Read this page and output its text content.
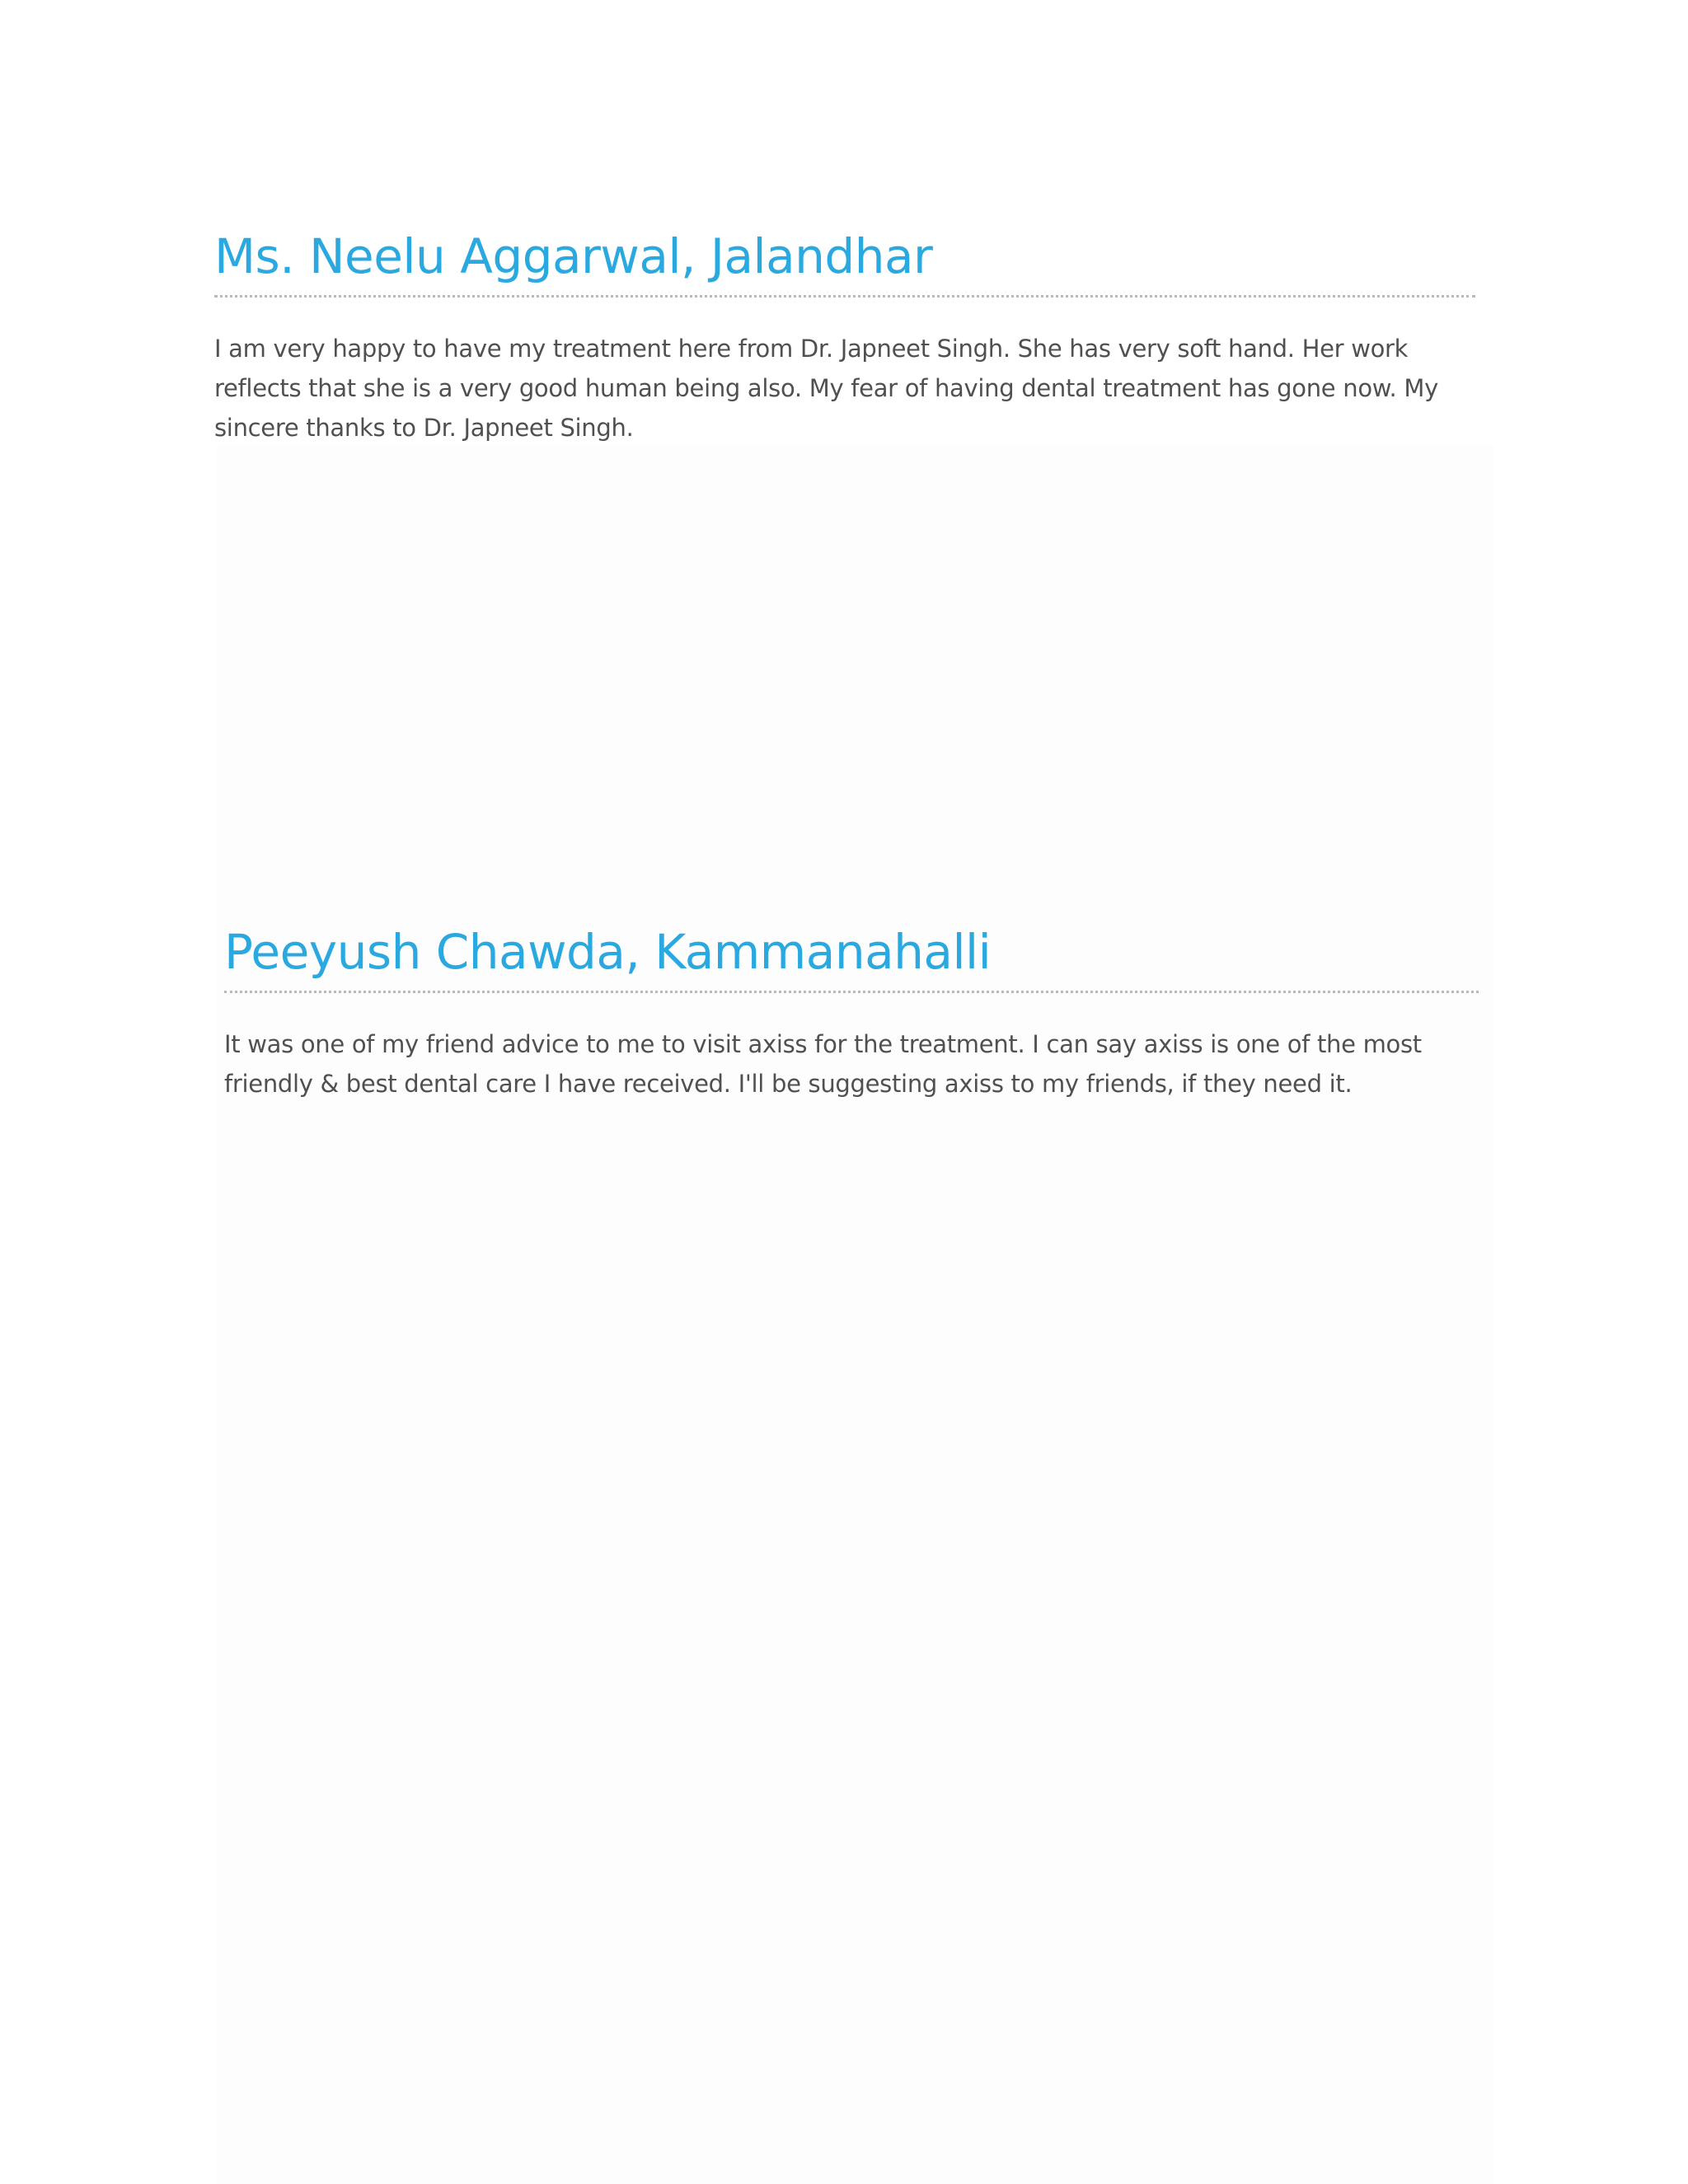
Ms. Neelu Aggarwal, Jalandhar

I am very happy to have my treatment here from Dr. Japneet Singh. She has very soft hand. Her work reflects that she is a very good human being also. My fear of having dental treatment has gone now. My sincere thanks to Dr. Japneet Singh.

Peeyush Chawda, Kammanahalli

It was one of my friend advice to me to visit axiss for the treatment. I can say axiss is one of the most friendly & best dental care I have received. I'll be suggesting axiss to my friends, if they need it.
